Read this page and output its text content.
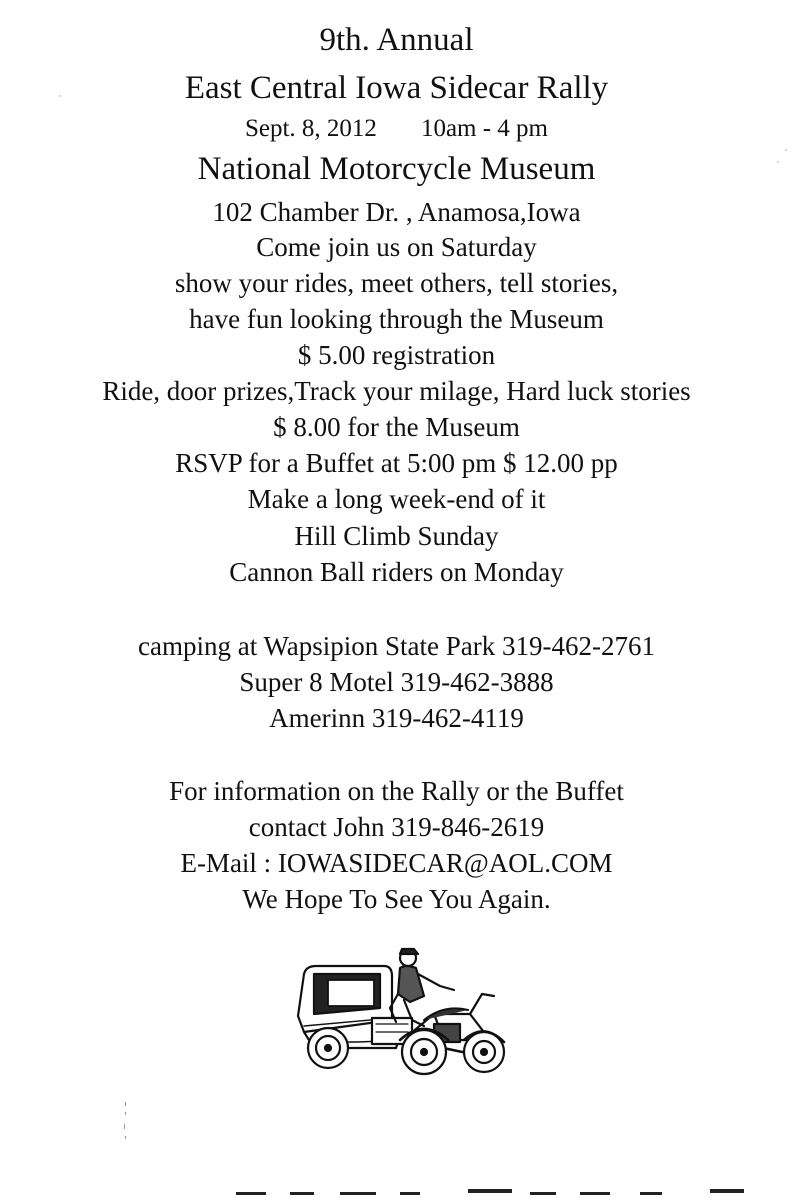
9th. Annual
East Central Iowa Sidecar Rally
Sept. 8, 2012 10am - 4 pm
National Motorcycle Museum
102 Chamber Dr. , Anamosa,Iowa
Come join us on Saturday
show your rides, meet others, tell stories,
have fun looking through the Museum
$ 5.00 registration
Ride, door prizes,Track your milage, Hard luck stories
$ 8.00 for the Museum
RSVP for a Buffet at 5:00 pm $ 12.00 pp
Make a long week-end of it
Hill Climb Sunday
Cannon Ball riders on Monday
camping at Wapsipion State Park 319-462-2761
Super 8 Motel 319-462-3888
Amerinn 319-462-4119
For information on the Rally or the Buffet
contact John 319-846-2619
E-Mail : IOWASIDECAR@AOL.COM
We Hope To See You Again.
